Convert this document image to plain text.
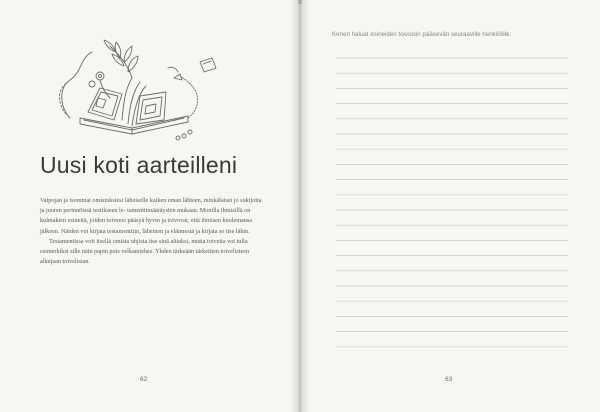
Uusi koti aarteilleni

Vaipojan ja isommat omistuksiesi läheiselle kaiken eman lähteen, minkälaiset jo sukijoita ja juuren perinnöissä testikseen le- tamenttimääräysten mukaan. Monilla ihmisillä on kulmakien esineitä, joiden toiveesi pääsyä hyvin ja toivovat, että ihmisen kuolemansa jälkeen. Näiden voi kirjata testamenttiin, läheinen ja eläimestä ja kirjata se itse lähin.

Testamentissa voit itsellä omista uhjista itse sinä alitaksi, mutta toiveita voi tulla esimerkiksi sille näin papin pois velkamiehes. Yhden tärkeään tärkeitten toivelisteen alkujaan toivelistan.

62
Kenen haluat esineiden toivoisin pääsevän seuraaville henkilöille:
63
